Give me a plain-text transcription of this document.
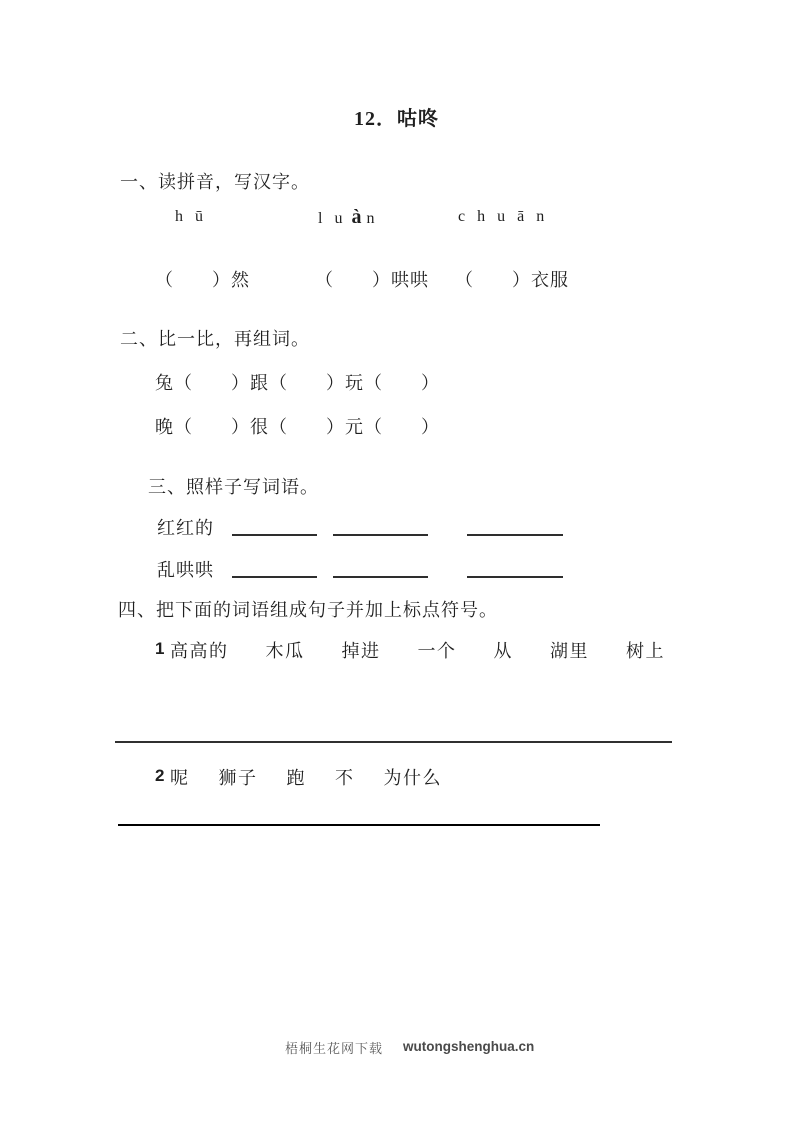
12．咕咚
一、读拼音，写汉字。
h ū	l u à n	c h u ā n
（　　）然	（　　）哄哄 （　　）衣服
二、比一比，再组词。
兔（　　）跟（　　）玩（　　）
晚（　　）很（　　）元（　　）
三、照样子写词语。
红红的
乱哄哄
四、把下面的词语组成句子并加上标点符号。
1 高高的 木瓜 掉进 一个 从 湖里 树上
2 呢 狮子 跑 不 为什么
梧桐生花网下载 wutongshenghua.cn
